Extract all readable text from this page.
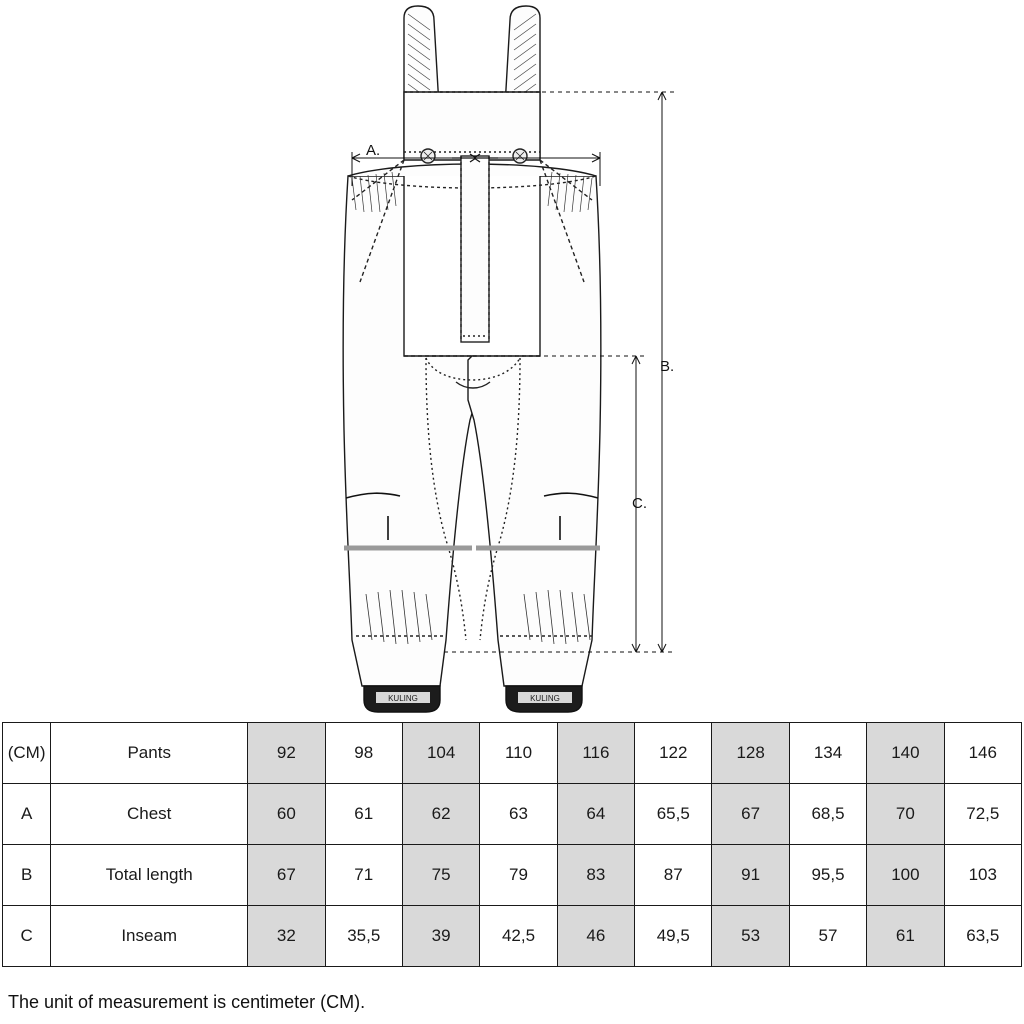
KULING	KULING
A.
B.
C.
(CM)	Pants	92	98	104	110	116	122	128	134	140	146
A	Chest	60	61	62	63	64	65,5	67	68,5	70	72,5
B	Total length	67	71	75	79	83	87	91	95,5	100	103
C	Inseam	32	35,5	39	42,5	46	49,5	53	57	61	63,5
The unit of measurement is centimeter (CM).
